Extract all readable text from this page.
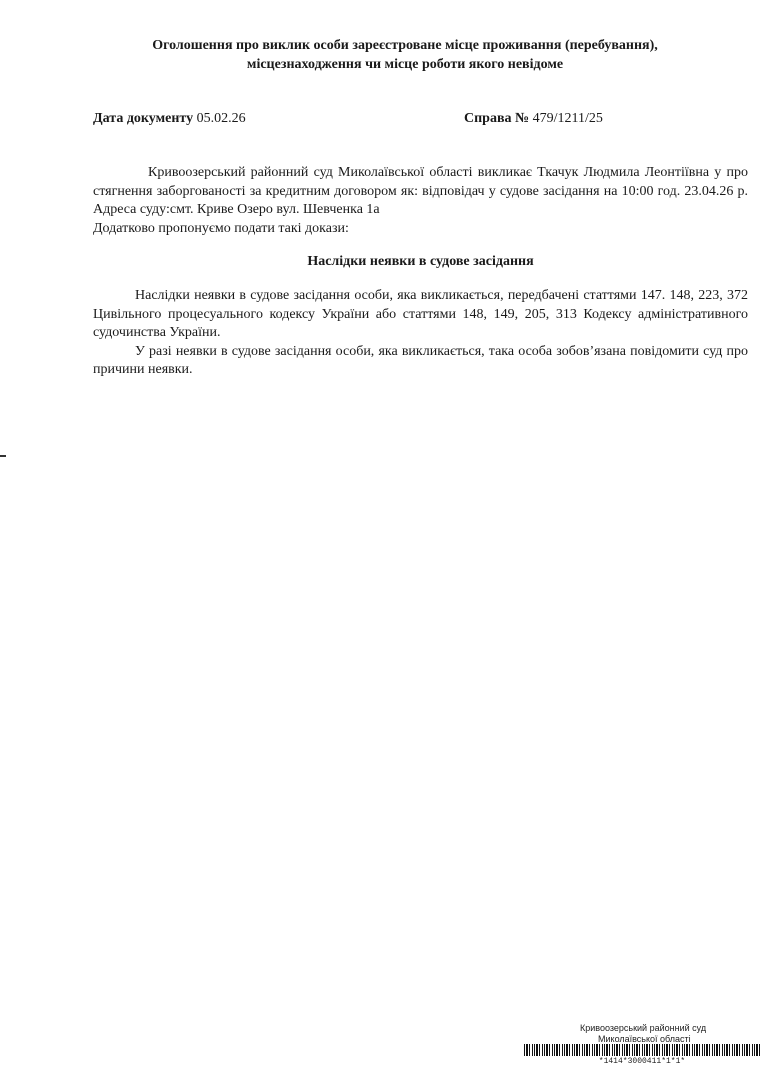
Оголошення про виклик особи зареєстроване місце проживання (перебування),
місцезнаходження чи місце роботи якого невідоме
Дата документу 05.02.26	Справа № 479/1211/25

Кривоозерський районний суд Миколаївської області викликає Ткачук Людмила Леонтіївна у про стягнення заборгованості за кредитним договором як: відповідач у судове засідання на 10:00 год. 23.04.26 р. Адреса суду:смт. Криве Озеро вул. Шевченка 1а

Додатково пропонуємо подати такі докази:

Наслідки неявки в судове засідання

Наслідки неявки в судове засідання особи, яка викликається, передбачені статтями 147. 148, 223, 372 Цивільного процесуального кодексу України або статтями 148, 149, 205, 313 Кодексу адміністративного судочинства України.

У разі неявки в судове засідання особи, яка викликається, така особа зобов’язана повідомити суд про причини неявки.

Кривоозерський районний суд
Миколаївської області
*1414*3000411*1*1*
